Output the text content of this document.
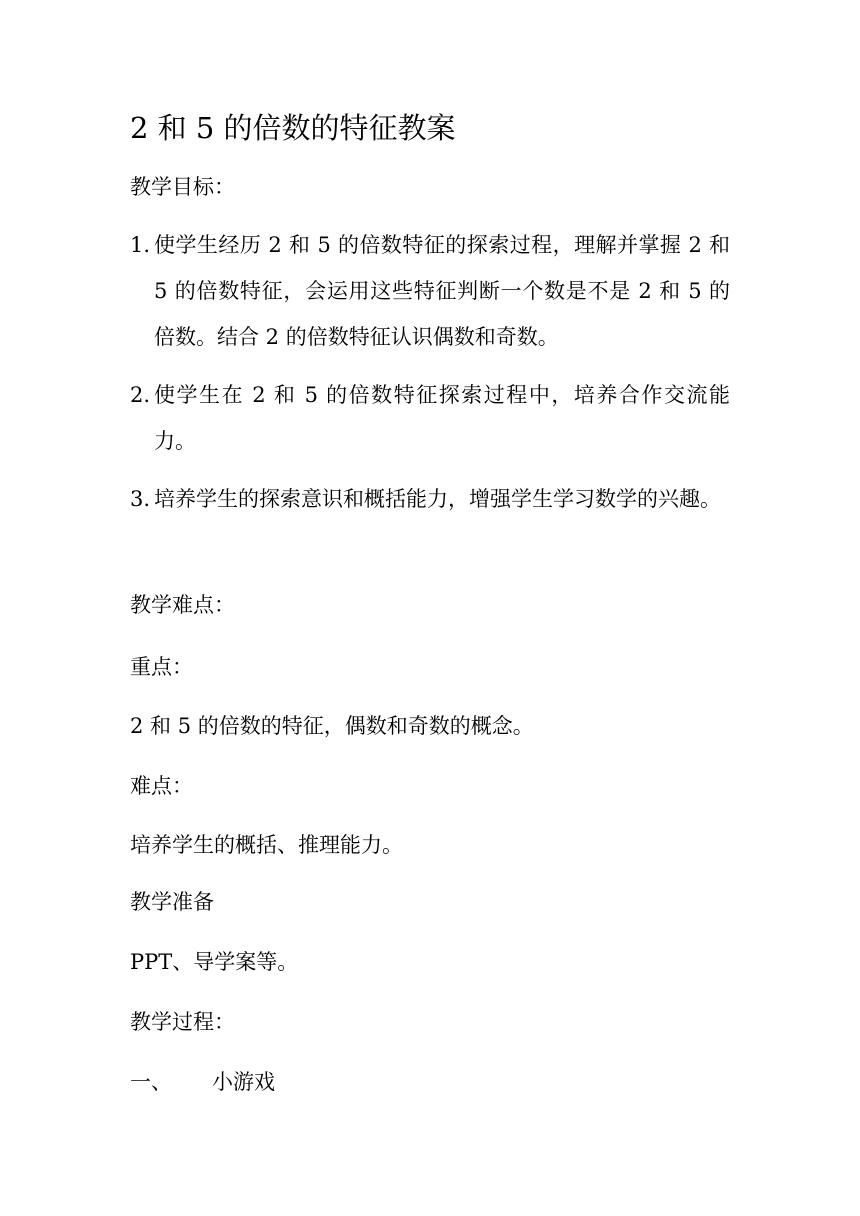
2 和 5 的倍数的特征教案
教学目标：
1. 使学生经历 2 和 5 的倍数特征的探索过程，理解并掌握 2 和 5 的倍数特征，会运用这些特征判断一个数是不是 2 和 5 的倍数。结合 2 的倍数特征认识偶数和奇数。
2. 使学生在 2 和 5 的倍数特征探索过程中，培养合作交流能力。
3. 培养学生的探索意识和概括能力，增强学生学习数学的兴趣。
教学难点：
重点：
2 和 5 的倍数的特征，偶数和奇数的概念。
难点：
培养学生的概括、推理能力。
教学准备
PPT、导学案等。
教学过程：
一、 小游戏
